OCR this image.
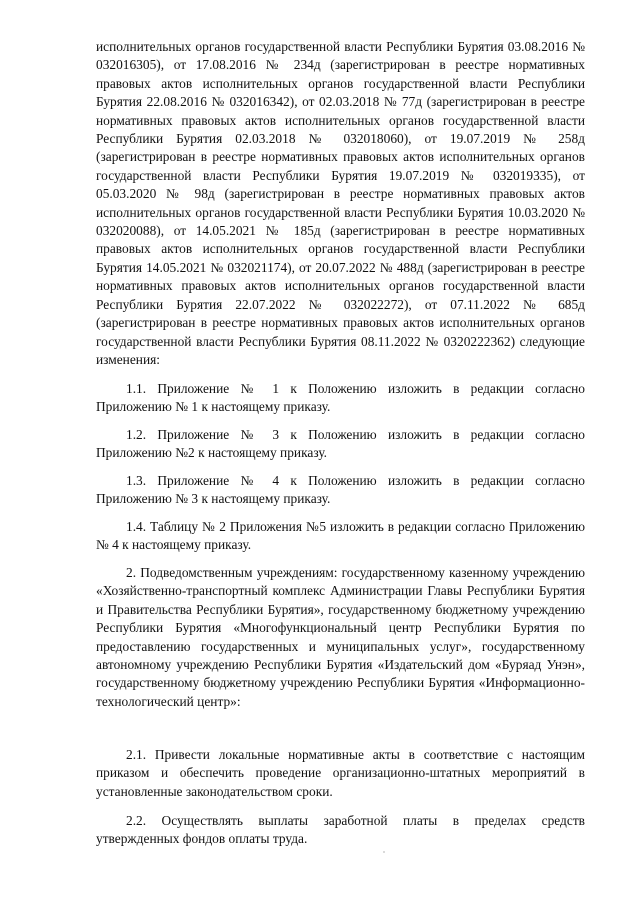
исполнительных органов государственной власти Республики Бурятия 03.08.2016 № 032016305), от 17.08.2016 № 234д (зарегистрирован в реестре нормативных правовых актов исполнительных органов государственной власти Республики Бурятия 22.08.2016 № 032016342), от 02.03.2018 № 77д (зарегистрирован в реестре нормативных правовых актов исполнительных органов государственной власти Республики Бурятия 02.03.2018 № 032018060), от 19.07.2019 № 258д (зарегистрирован в реестре нормативных правовых актов исполнительных органов государственной власти Республики Бурятия 19.07.2019 № 032019335), от 05.03.2020 № 98д (зарегистрирован в реестре нормативных правовых актов исполнительных органов государственной власти Республики Бурятия 10.03.2020 № 032020088), от 14.05.2021 № 185д (зарегистрирован в реестре нормативных правовых актов исполнительных органов государственной власти Республики Бурятия 14.05.2021 № 032021174), от 20.07.2022 № 488д (зарегистрирован в реестре нормативных правовых актов исполнительных органов государственной власти Республики Бурятия 22.07.2022 № 032022272), от 07.11.2022 № 685д (зарегистрирован в реестре нормативных правовых актов исполнительных органов государственной власти Республики Бурятия 08.11.2022 № 0320222362) следующие изменения:

1.1. Приложение № 1 к Положению изложить в редакции согласно Приложению № 1 к настоящему приказу.

1.2. Приложение № 3 к Положению изложить в редакции согласно Приложению №2 к настоящему приказу.

1.3. Приложение № 4 к Положению изложить в редакции согласно Приложению № 3 к настоящему приказу.

1.4. Таблицу № 2 Приложения №5 изложить в редакции согласно Приложению № 4 к настоящему приказу.

2. Подведомственным учреждениям: государственному казенному учреждению «Хозяйственно-транспортный комплекс Администрации Главы Республики Бурятия и Правительства Республики Бурятия», государственному бюджетному учреждению Республики Бурятия «Многофункциональный центр Республики Бурятия по предоставлению государственных и муниципальных услуг», государственному автономному учреждению Республики Бурятия «Издательский дом «Буряад Унэн», государственному бюджетному учреждению Республики Бурятия «Информационно-технологический центр»:

2.1. Привести локальные нормативные акты в соответствие с настоящим приказом и обеспечить проведение организационно-штатных мероприятий в установленные законодательством сроки.

2.2. Осуществлять выплаты заработной платы в пределах средств утвержденных фондов оплаты труда.
